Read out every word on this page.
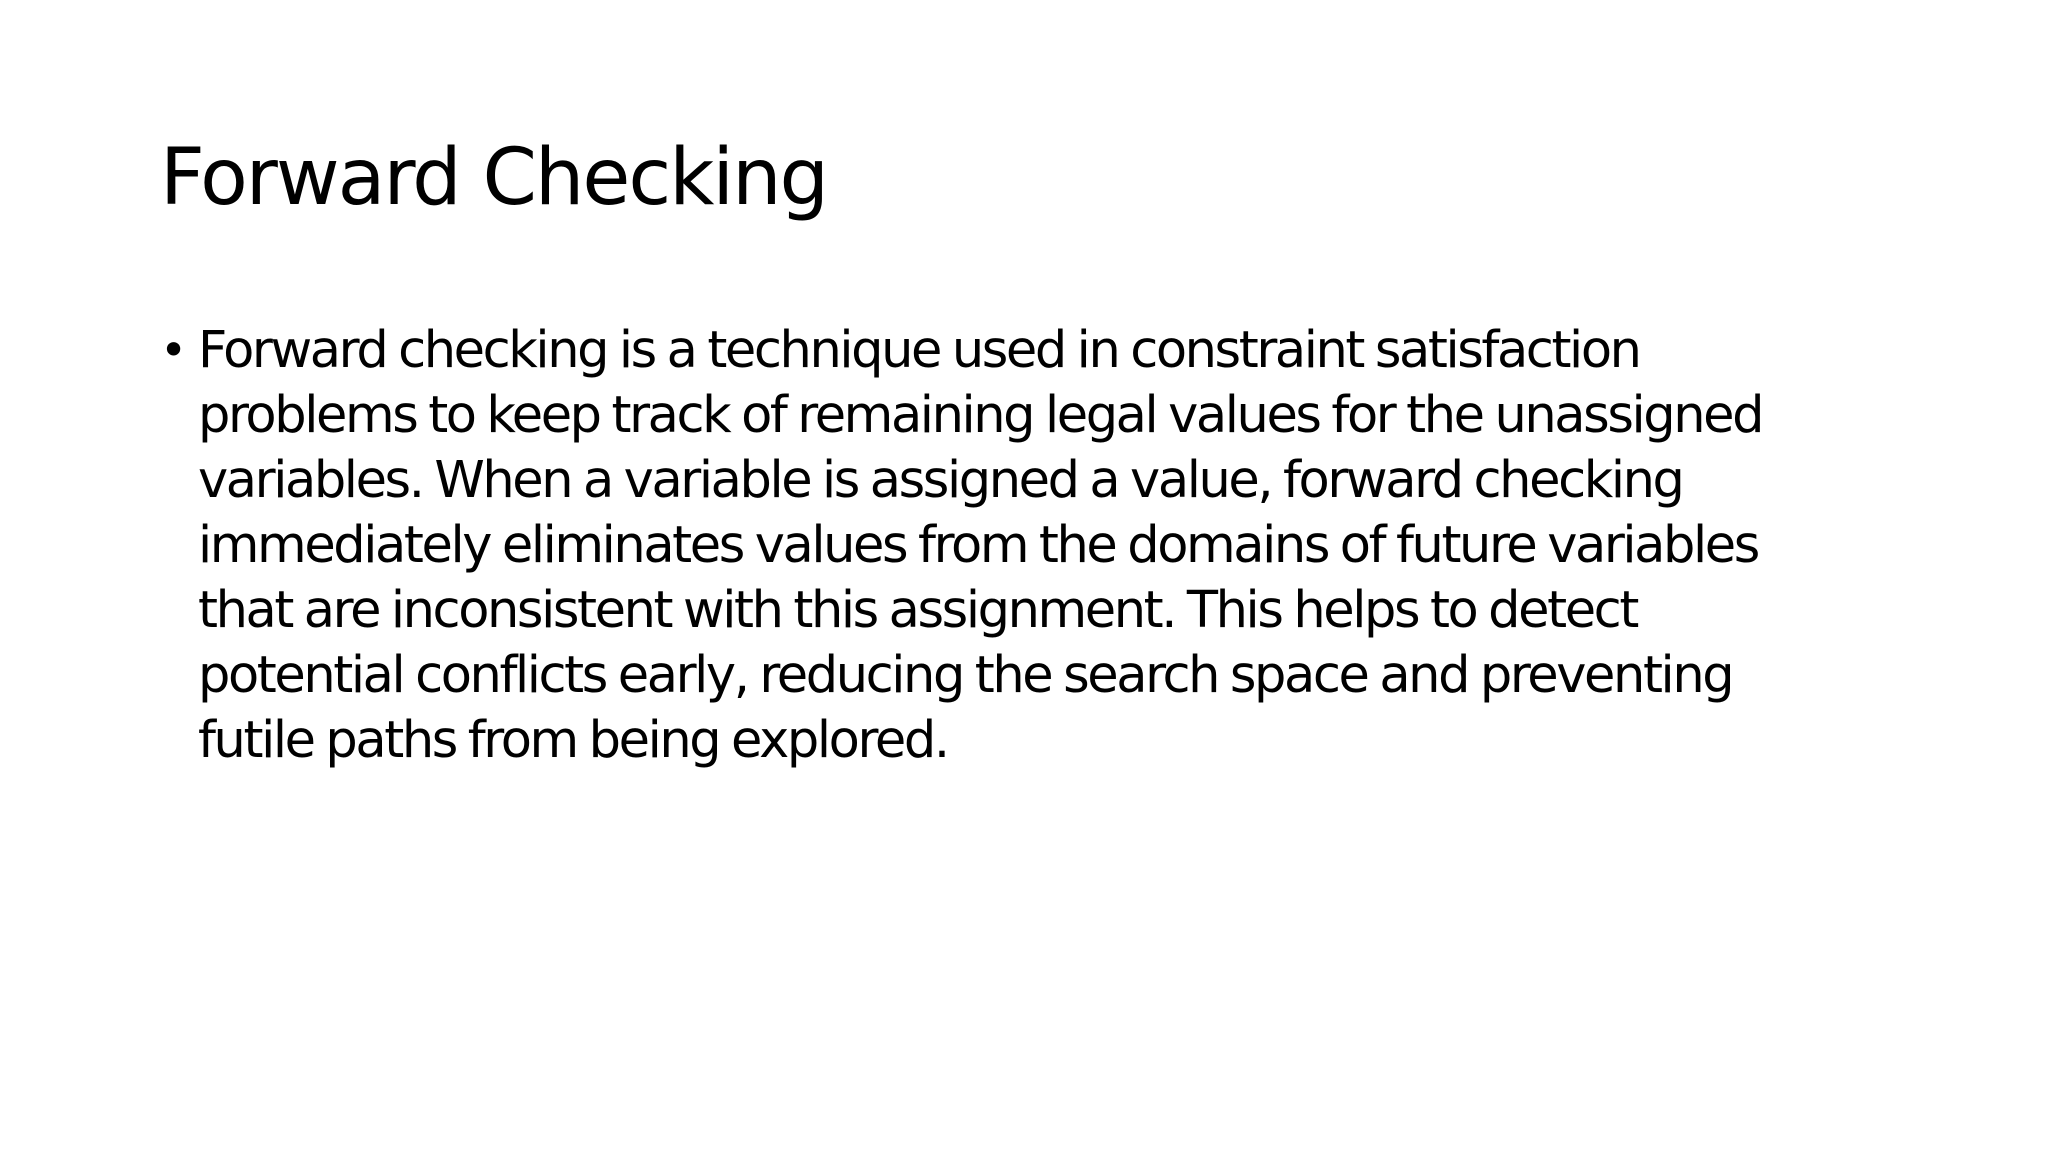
Forward Checking
• Forward checking is a technique used in constraint satisfaction
problems to keep track of remaining legal values for the unassigned
variables. When a variable is assigned a value, forward checking
immediately eliminates values from the domains of future variables
that are inconsistent with this assignment. This helps to detect
potential conflicts early, reducing the search space and preventing
futile paths from being explored.
